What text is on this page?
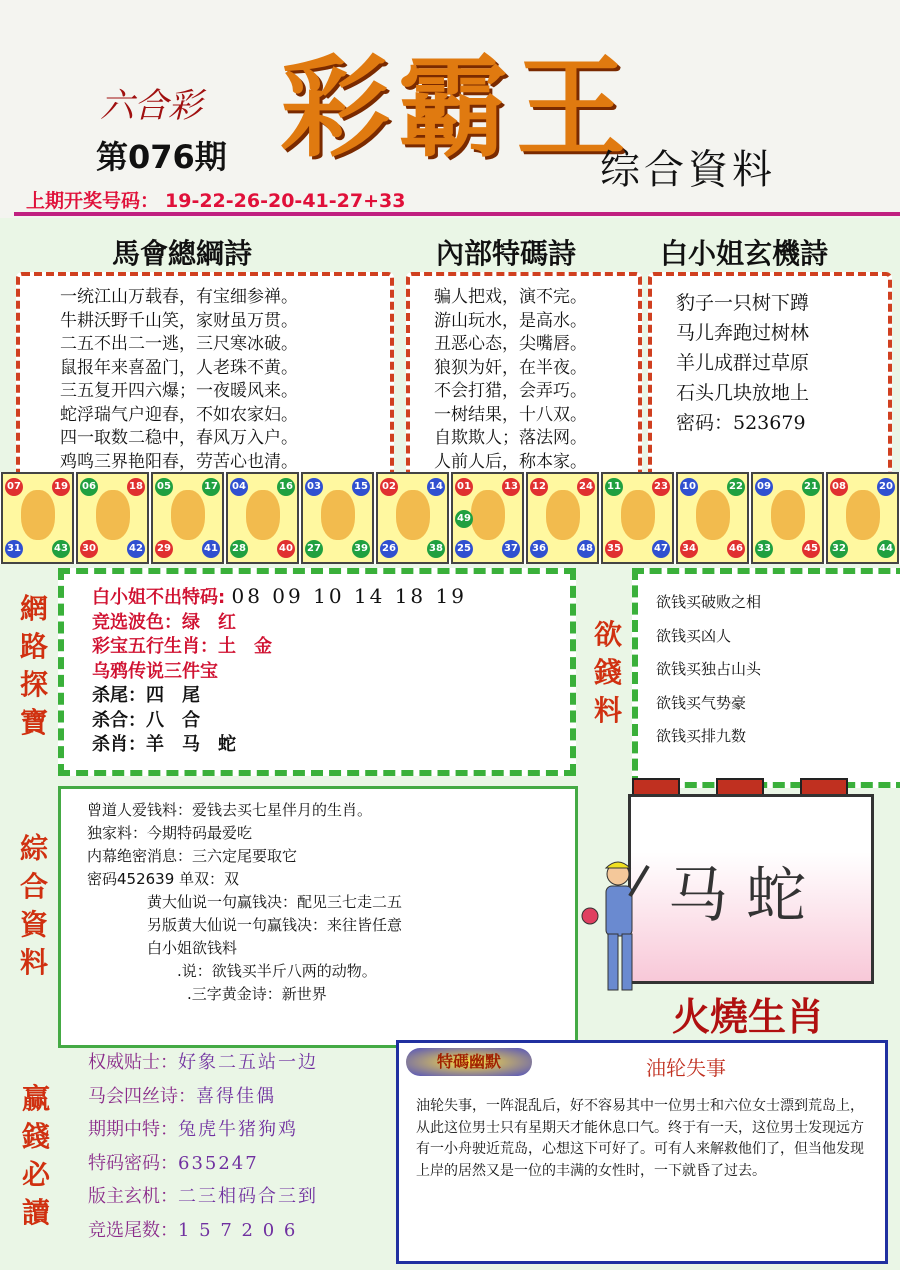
六合彩 彩霸王
第076期	综合資料
上期开奖号码： 19-22-26-20-41-27+33
馬會總綱詩	內部特碼詩	白小姐玄機詩
一统江山万载春，有宝细参禅。
牛耕沃野千山笑，家财虽万贯。
二五不出二一逃，三尺寒冰破。
鼠报年来喜盈门，人老珠不黄。
三五复开四六爆；一夜暖风来。
蛇浮瑞气户迎春，不如农家妇。
四一取数二稳中，春风万入户。
鸡鸣三界艳阳春，劳苦心也清。
骗人把戏，演不完。
游山玩水，是高水。
丑恶心态，尖嘴唇。
狼狈为奸，在半夜。
不会打猎，会弄巧。
一树结果，十八双。
自欺欺人；落法网。
人前人后，称本家。
豹子一只树下蹲
马儿奔跑过树林
羊儿成群过草原
石头几块放地上
密码：523679
07	19
31	43
06	18
30	42
05	17
29	41
04	16
28	40
03	15
27	39
02	14
26	38
01	13
25	37
49
12	24
36	48
11	23
35	47
10	22
34	46
09	21
33	45
08	20
32	44
網
路
探
寶
白小姐不出特码: 08 09 10 14 18 19
竞选波色：绿　红
彩宝五行生肖：土　金
乌鸦传说三件宝
杀尾：四　尾
杀合：八　合
杀肖：羊　马　蛇
欲
錢
料
欲钱买破败之相
欲钱买凶人
欲钱买独占山头
欲钱买气势豪
欲钱买排九数
綜
合
資
料
曾道人爱钱料：爱钱去买七星伴月的生肖。
独家料：今期特码最爱吃
内幕绝密消息：三六定尾要取它
密码452639 单双：双
黄大仙说一句赢钱决：配见三七走二五
另版黄大仙说一句赢钱决：来往皆任意
白小姐欲钱料
.说：欲钱买半斤八两的动物。
.三字黄金诗：新世界
马蛇
火燒生肖
赢
錢
必
讀
权威贴士：好象二五站一边
马会四丝诗：喜得佳偶
期期中特：兔虎牛猪狗鸡
特码密码：635247
版主玄机：二三相码合三到
竞选尾数：1 5 7 2 0 6
特碼幽默	油轮失事
油轮失事，一阵混乱后，好不容易其中一位男士和六位女士漂到荒岛上，从此这位男士只有星期天才能休息口气。终于有一天，这位男士发现远方有一小舟驶近荒岛，心想这下可好了。可有人来解救他们了，但当他发现上岸的居然又是一位的丰满的女性时，一下就昏了过去。
